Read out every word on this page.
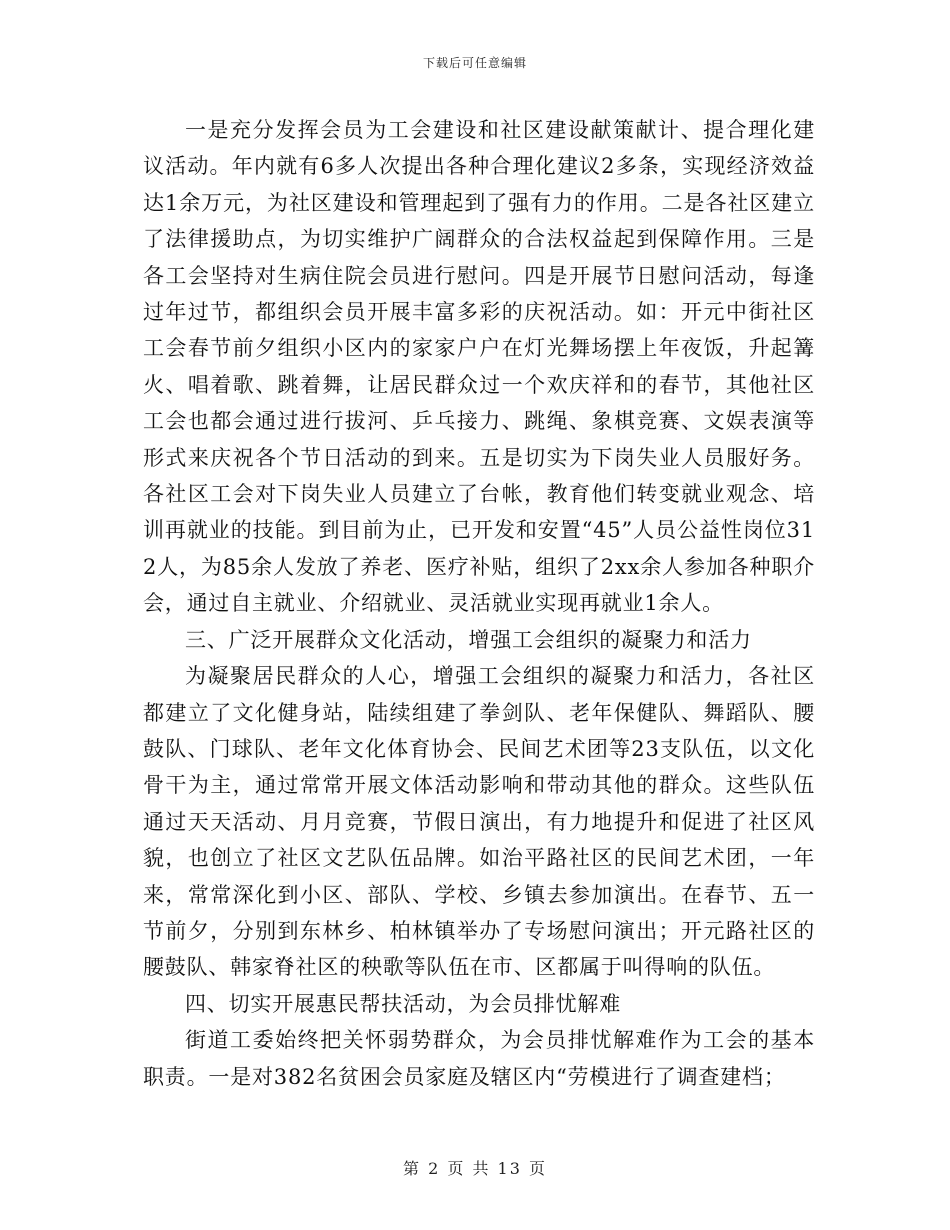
下载后可任意编辑

一是充分发挥会员为工会建设和社区建设献策献计、提合理化建议活动。年内就有6多人次提出各种合理化建议2多条，实现经济效益达1余万元，为社区建设和管理起到了强有力的作用。二是各社区建立了法律援助点，为切实维护广阔群众的合法权益起到保障作用。三是各工会坚持对生病住院会员进行慰问。四是开展节日慰问活动，每逢过年过节，都组织会员开展丰富多彩的庆祝活动。如：开元中街社区工会春节前夕组织小区内的家家户户在灯光舞场摆上年夜饭，升起篝火、唱着歌、跳着舞，让居民群众过一个欢庆祥和的春节，其他社区工会也都会通过进行拔河、乒乓接力、跳绳、象棋竞赛、文娱表演等形式来庆祝各个节日活动的到来。五是切实为下岗失业人员服好务。各社区工会对下岗失业人员建立了台帐，教育他们转变就业观念、培训再就业的技能。到目前为止，已开发和安置“45”人员公益性岗位312人，为85余人发放了养老、医疗补贴，组织了2xx余人参加各种职介会，通过自主就业、介绍就业、灵活就业实现再就业1余人。

三、广泛开展群众文化活动，增强工会组织的凝聚力和活力

为凝聚居民群众的人心，增强工会组织的凝聚力和活力，各社区都建立了文化健身站，陆续组建了拳剑队、老年保健队、舞蹈队、腰鼓队、门球队、老年文化体育协会、民间艺术团等23支队伍，以文化骨干为主，通过常常开展文体活动影响和带动其他的群众。这些队伍通过天天活动、月月竞赛，节假日演出，有力地提升和促进了社区风貌，也创立了社区文艺队伍品牌。如治平路社区的民间艺术团，一年来，常常深化到小区、部队、学校、乡镇去参加演出。在春节、五一节前夕，分别到东林乡、柏林镇举办了专场慰问演出；开元路社区的腰鼓队、韩家脊社区的秧歌等队伍在市、区都属于叫得响的队伍。

四、切实开展惠民帮扶活动，为会员排忧解难

街道工委始终把关怀弱势群众，为会员排忧解难作为工会的基本职责。一是对382名贫困会员家庭及辖区内“劳模进行了调查建档；

第 2 页 共 13 页
